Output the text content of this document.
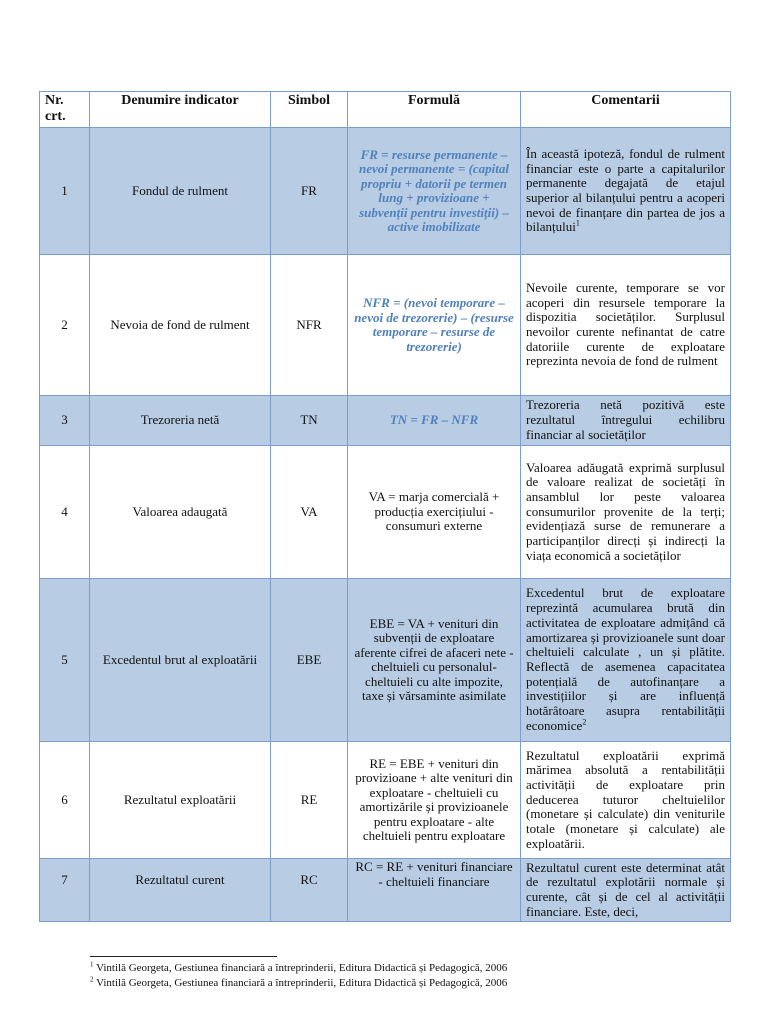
Nr. crt.	Denumire indicator	Simbol	Formulă	Comentarii
1	Fondul de rulment	FR	FR = resurse permanente – nevoi permanente = (capital propriu + datorii pe termen lung + provizioane + subvenții pentru investiții) – active imobilizate	În această ipoteză, fondul de rulment financiar este o parte a capitalurilor permanente degajată de etajul superior al bilanțului pentru a acoperi nevoi de finanțare din partea de jos a bilanțului$^1$
2	Nevoia de fond de rulment	NFR	NFR = (nevoi temporare – nevoi de trezorerie) – (resurse temporare – resurse de trezorerie)	Nevoile curente, temporare se vor acoperi din resursele temporare la dispozitia societăților. Surplusul nevoilor curente nefinantat de catre datoriile curente de exploatare reprezinta nevoia de fond de rulment
3	Trezoreria netă	TN	TN = FR – NFR	Trezoreria netă pozitivă este rezultatul întregului echilibru financiar al societăților
4	Valoarea adaugată	VA	VA = marja comercială + producția exercițiului - consumuri externe	Valoarea adăugată exprimă surplusul de valoare realizat de societăți în ansamblul lor peste valoarea consumurilor provenite de la terți; evidențiază surse de remunerare a participanților direcți și indirecți la viața economică a societăților
5	Excedentul brut al exploatării	EBE	EBE = VA + venituri din subvenții de exploatare aferente cifrei de afaceri nete - cheltuieli cu personalul-cheltuieli cu alte impozite, taxe și vărsaminte asimilate	Excedentul brut de exploatare reprezintă acumularea brută din activitatea de exploatare admițând că amortizarea și provizioanele sunt doar cheltuieli calculate , un și plătite. Reflectă de asemenea capacitatea potențială de autofinanțare a investițiilor și are influență hotărâtoare asupra rentabilității economice$^2$
6	Rezultatul exploatării	RE	RE = EBE + venituri din provizioane + alte venituri din exploatare - cheltuieli cu amortizările și provizioanele pentru exploatare - alte cheltuieli pentru exploatare	Rezultatul exploatării exprimă mărimea absolută a rentabilității activității de exploatare prin deducerea tuturor cheltuielilor (monetare și calculate) din veniturile totale (monetare și calculate) ale exploatării.
7	Rezultatul curent	RC	RC = RE + venituri financiare - cheltuieli financiare	Rezultatul curent este determinat atât de rezultatul explotării normale și curente, cât și de cel al activității financiare. Este, deci,
$^1$ Vintilă Georgeta, Gestiunea financiară a întreprinderii, Editura Didactică și Pedagogică, 2006
$^2$ Vintilă Georgeta, Gestiunea financiară a întreprinderii, Editura Didactică și Pedagogică, 2006
